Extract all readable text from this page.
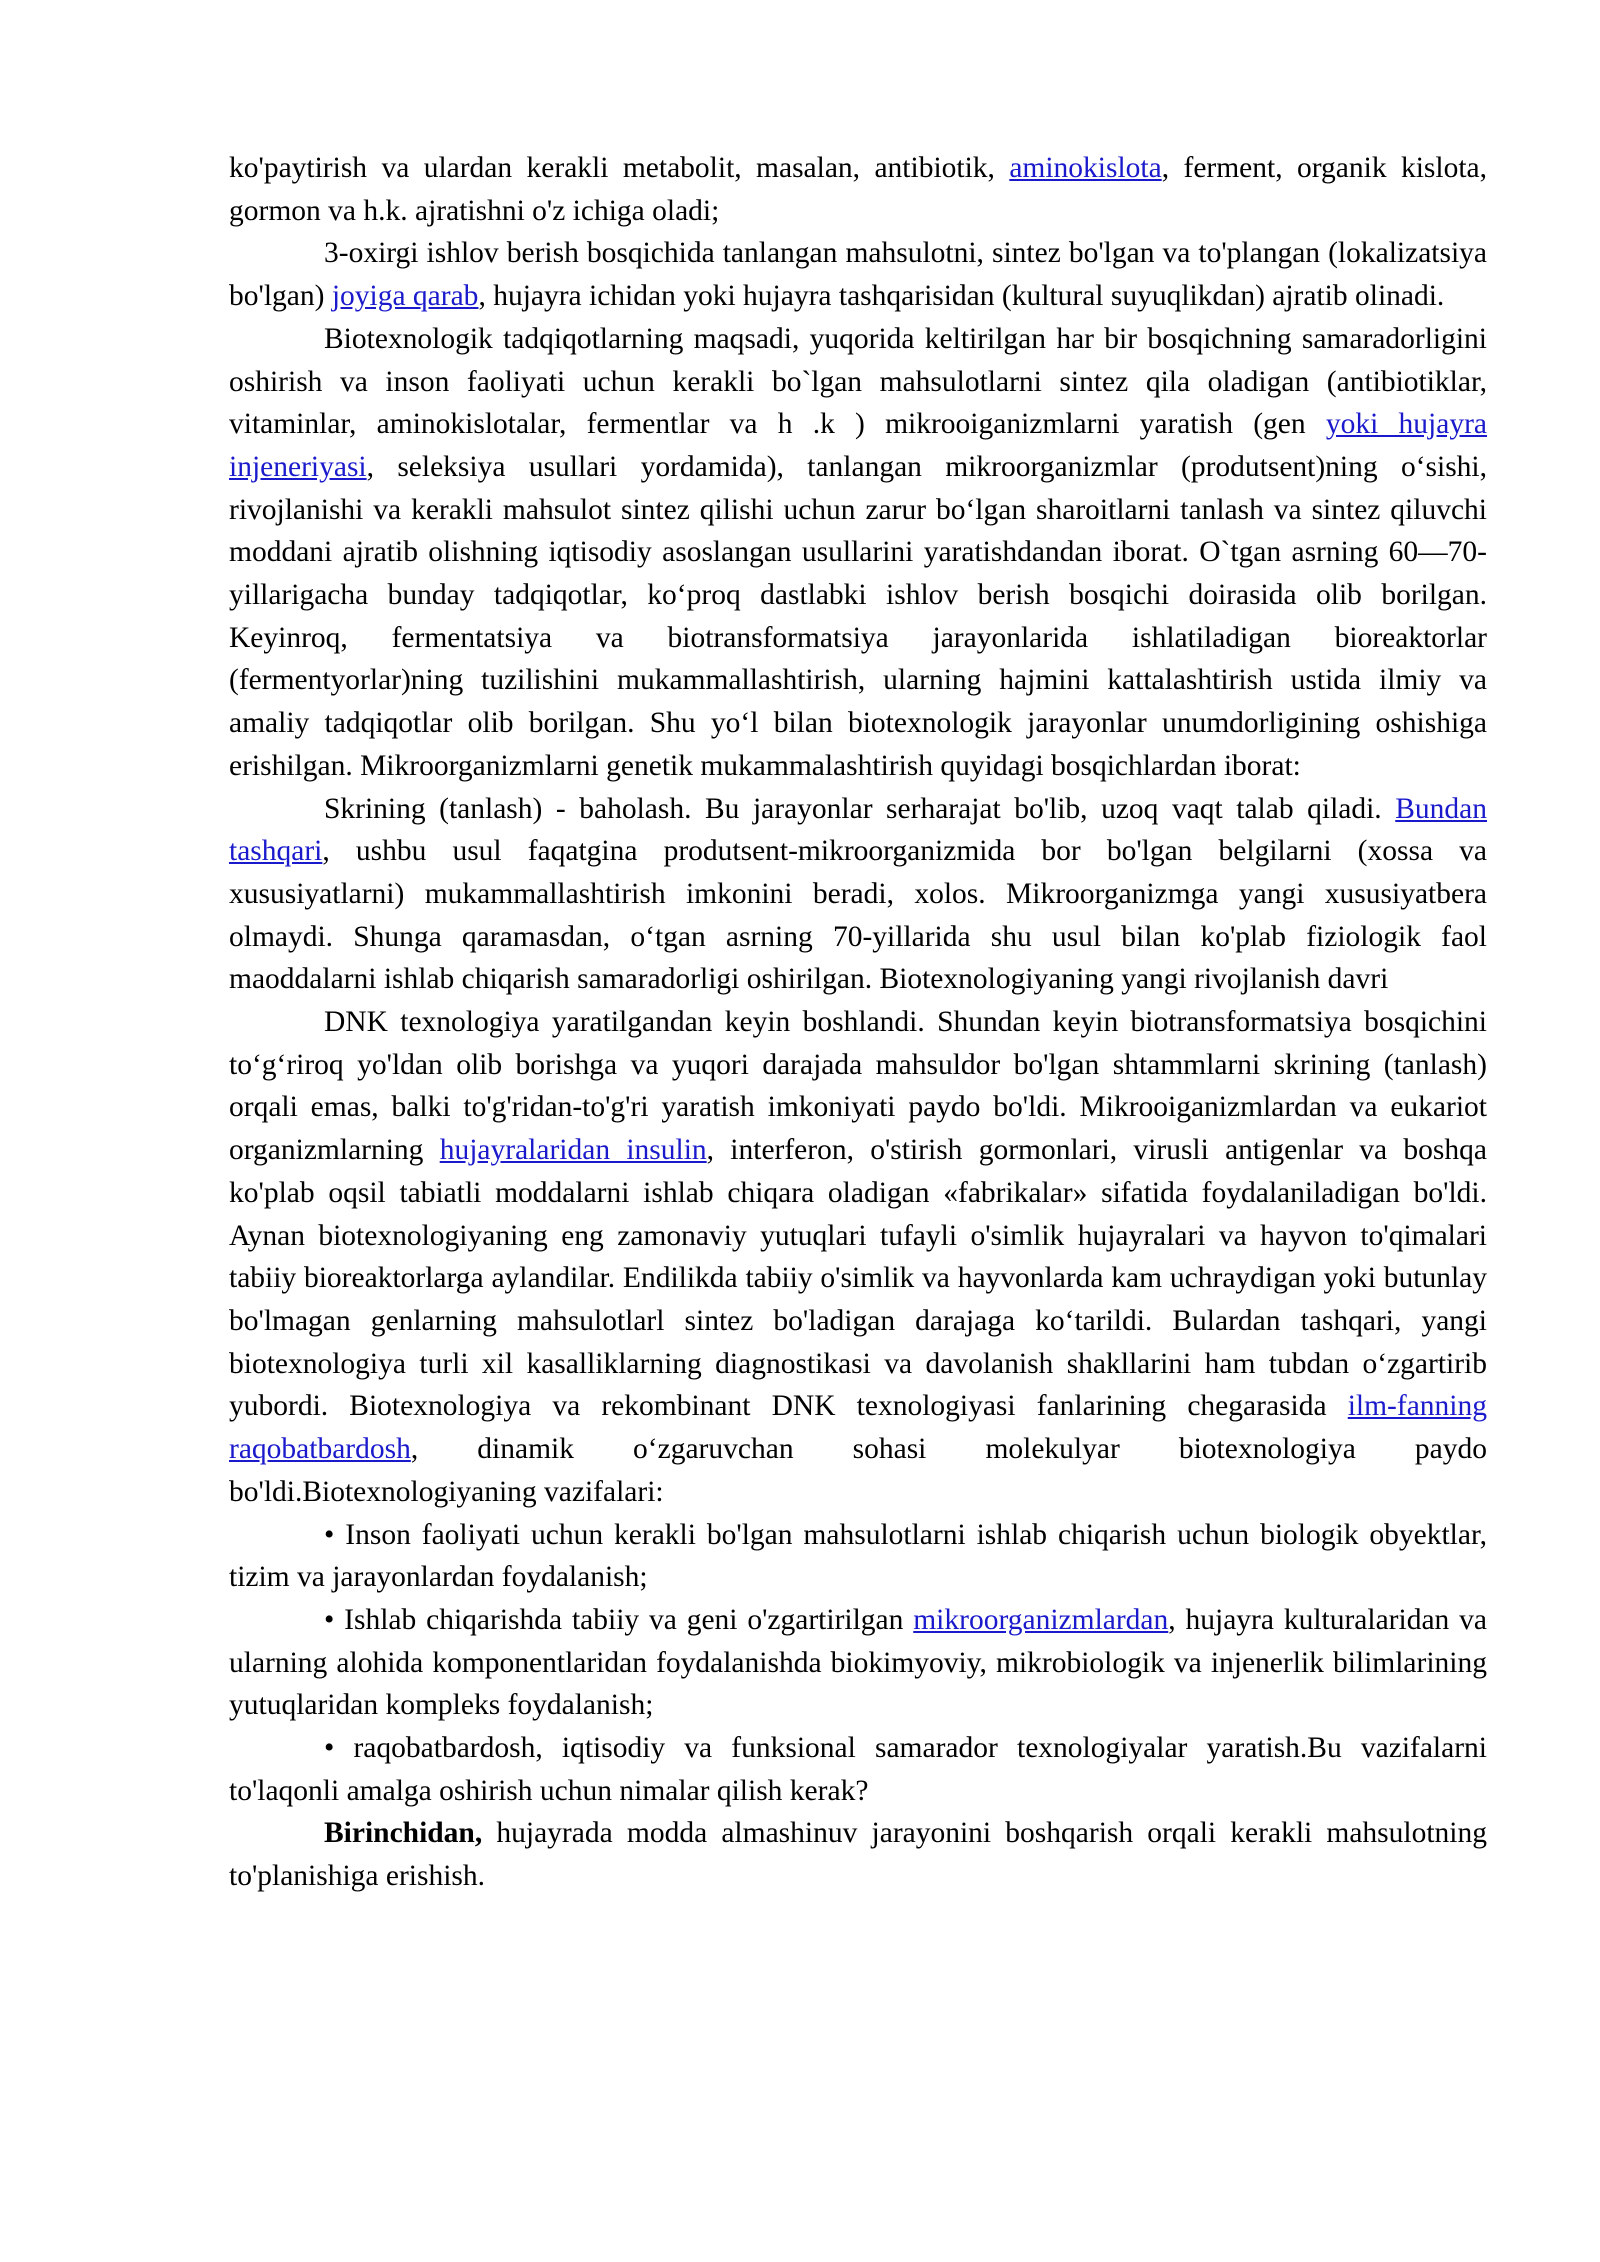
ko'paytirish va ulardan kerakli metabolit, masalan, antibiotik, aminokislota, ferment, organik kislota, gormon va h.k. ajratishni o'z ichiga oladi;

3-oxirgi ishlov berish bosqichida tanlangan mahsulotni, sintez bo'lgan va to'plangan (lokalizatsiya bo'lgan) joyiga qarab, hujayra ichidan yoki hujayra tashqarisidan (kultural suyuqlikdan) ajratib olinadi.

Biotexnologik tadqiqotlarning maqsadi, yuqorida keltirilgan har bir bosqichning samaradorligini oshirish va inson faoliyati uchun kerakli bo`lgan mahsulotlarni sintez qila oladigan (antibiotiklar, vitaminlar, aminokislotalar, fermentlar va h .k ) mikrooiganizmlarni yaratish (gen yoki hujayra injeneriyasi, seleksiya usullari yordamida), tanlangan mikroorganizmlar (produtsent)ning o‘sishi, rivojlanishi va kerakli mahsulot sintez qilishi uchun zarur bo‘lgan sharoitlarni tanlash va sintez qiluvchi moddani ajratib olishning iqtisodiy asoslangan usullarini yaratishdandan iborat. O`tgan asrning 60—70-yillarigacha bunday tadqiqotlar, ko‘proq dastlabki ishlov berish bosqichi doirasida olib borilgan. Keyinroq, fermentatsiya va biotransformatsiya jarayonlarida ishlatiladigan bioreaktorlar (fermentyorlar)ning tuzilishini mukammallashtirish, ularning hajmini kattalashtirish ustida ilmiy va amaliy tadqiqotlar olib borilgan. Shu yo‘l bilan biotexnologik jarayonlar unumdorligining oshishiga erishilgan. Mikroorganizmlarni genetik mukammalashtirish quyidagi bosqichlardan iborat:

Skrining (tanlash) - baholash. Bu jarayonlar serharajat bo'lib, uzoq vaqt talab qiladi. Bundan tashqari, ushbu usul faqatgina produtsent-mikroorganizmida bor bo'lgan belgilarni (xossa va xususiyatlarni) mukammallashtirish imkonini beradi, xolos. Mikroorganizmga yangi xususiyatbera olmaydi. Shunga qaramasdan, o‘tgan asrning 70-yillarida shu usul bilan ko'plab fiziologik faol maoddalarni ishlab chiqarish samaradorligi oshirilgan. Biotexnologiyaning yangi rivojlanish davri

DNK texnologiya yaratilgandan keyin boshlandi. Shundan keyin biotransformatsiya bosqichini to‘g‘riroq yo'ldan olib borishga va yuqori darajada mahsuldor bo'lgan shtammlarni skrining (tanlash) orqali emas, balki to'g'ridan-to'g'ri yaratish imkoniyati paydo bo'ldi. Mikrooiganizmlardan va eukariot organizmlarning hujayralaridan insulin, interferon, o'stirish gormonlari, virusli antigenlar va boshqa ko'plab oqsil tabiatli moddalarni ishlab chiqara oladigan «fabrikalar» sifatida foydalaniladigan bo'ldi. Aynan biotexnologiyaning eng zamonaviy yutuqlari tufayli o'simlik hujayralari va hayvon to'qimalari tabiiy bioreaktorlarga aylandilar. Endilikda tabiiy o'simlik va hayvonlarda kam uchraydigan yoki butunlay bo'lmagan genlarning mahsulotlarl sintez bo'ladigan darajaga ko‘tarildi. Bulardan tashqari, yangi biotexnologiya turli xil kasalliklarning diagnostikasi va davolanish shakllarini ham tubdan o‘zgartirib yubordi. Biotexnologiya va rekombinant DNK texnologiyasi fanlarining chegarasida ilm-fanning raqobatbardosh, dinamik o‘zgaruvchan sohasi molekulyar biotexnologiya paydo bo'ldi.Biotexnologiyaning vazifalari:

• Inson faoliyati uchun kerakli bo'lgan mahsulotlarni ishlab chiqarish uchun biologik obyektlar, tizim va jarayonlardan foydalanish;

• Ishlab chiqarishda tabiiy va geni o'zgartirilgan mikroorganizmlardan, hujayra kulturalaridan va ularning alohida komponentlaridan foydalanishda biokimyoviy, mikrobiologik va injenerlik bilimlarining yutuqlaridan kompleks foydalanish;

• raqobatbardosh, iqtisodiy va funksional samarador texnologiyalar yaratish.Bu vazifalarni to'laqonli amalga oshirish uchun nimalar qilish kerak?

Birinchidan, hujayrada modda almashinuv jarayonini boshqarish orqali kerakli mahsulotning to'planishiga erishish.
